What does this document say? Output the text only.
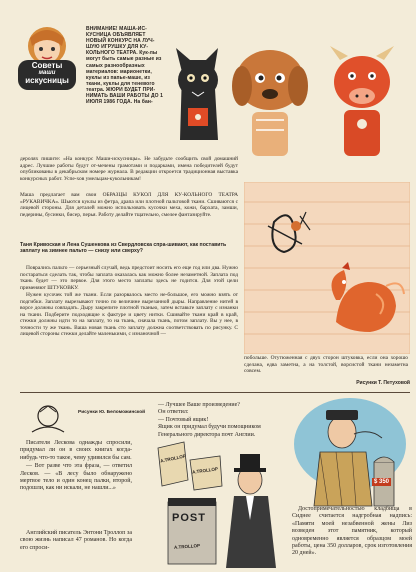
Советы
маши
искусницы
ВНИМАНИЕ! МАША-ИС-КУСНИЦА ОБЪЯВЛЯЕТ НОВЫЙ КОНКУРС НА ЛУЧ-ШУЮ ИГРУШКУ ДЛЯ КУ-КОЛЬНОГО ТЕАТРА. Кук-лы могут быть самые разные из самых разнообразных материалов: марионетки, куклы из папье-маше, из ткани, куклы для теневого театра. ЖЮРИ БУДЕТ ПРИ-НИМАТЬ ВАШИ РАБОТЫ ДО 1 ИЮЛЯ 1986 ГОДА. На бан-
деролях пишите: «На конкурс Маши-искусницы». Не забудьте сообщить свой домашний адрес. Лучшие работы будут от-мечены грамотами и подарками, имена победителей будут опубликованы в декабрьском номере журнала. В редакции откроется традиционная выставка конкурсных работ. Успе-хов умельцам-кукольникам!
Маша предлагает вам свои ОБРАЗЦЫ КУКОЛ ДЛЯ КУ-КОЛЬНОГО ТЕАТРА «РУКАВИЧКА». Шьются куклы из фетра, драпа или плотной пальтовой ткани. Сшиваются с лицевой стороны. Для деталей можно использовать кусочки меха, кожи, бархата, замши, педерины, бусинки, бисер, перья. Работу делайте тщательно, смелее фантазируйте.
Таня Кривоская и Лена Сушенкова из Свердловска спра-шивают, как поставить заплату на зимнее пальто — снизу или сверху?

Поврались пальто — серьезный случай, ведь предстоит носить его еще год или два. Нужно постараться сделать так, чтобы заплата оказалась как можно более незаметной. Заплата под ткань будет — это первое. Для этого место заплаты здесь не годится. Для этой цели применяют ШТУКОВКУ.

Нужен кусочек той же ткани. Если разорвалось место не-большое, его можно взять от подгибки. Заплату вырезывают точно по величине вырезанной дыры. Направление нитей в ворсе должны совпадать. Дыру закрепите плотной тканью, затем вставьте заплату с изнанки на ткани. Подберите подходящие к фактуре и цвету нитки. Сшивайте ткани край в край, стежки должны идти то на заплату, то на ткань, сначала ткань, потом заплату. Вы у нее, в точности ту же ткань. Ваша новая ткань сто заплату должна соответствовать по рисунку. С лицевой стороны стежки делайте маленькими, с изнаночной —

побольше. Отутюженная с двух сторон штуковка, если она хорошо сделана, едва заметна, а на толстой, ворсистой ткани незаметна совсем.
Рисунки Т. Петуховой
Рисунки Ю. Беломожинской
— Лучшее Ваше произведение?
Он ответил:
— Почтовый ящик!
Ящик он придумал будучи помощником Генерального директора почт Англии.

Писателя Лескова однажды спросили, придумал ли он в своих книгах когда-нибудь что-то такое, чему удивился бы сам.

— Вот разве что эта фраза, — ответил Лесков. — «В лесу было обнаружено мертвое тело и один конец палки, второй, подошли, как ни искали, не нашли...»

Английский писатель Энтони Троллоп за свою жизнь написал 47 романов. Но когда его спроси-
POST
A.TROLLOP
A.TROLLOP
A.TROLLOP
$ 350
Достопримечательностью кладбища в Сиднее считается надгробная надпись: «Памяти моей незабвенной жены Лиз возведен этот памятник, который одновременно является образцом моей работы, цена 350 долларов, срок изготовления 20 дней».
